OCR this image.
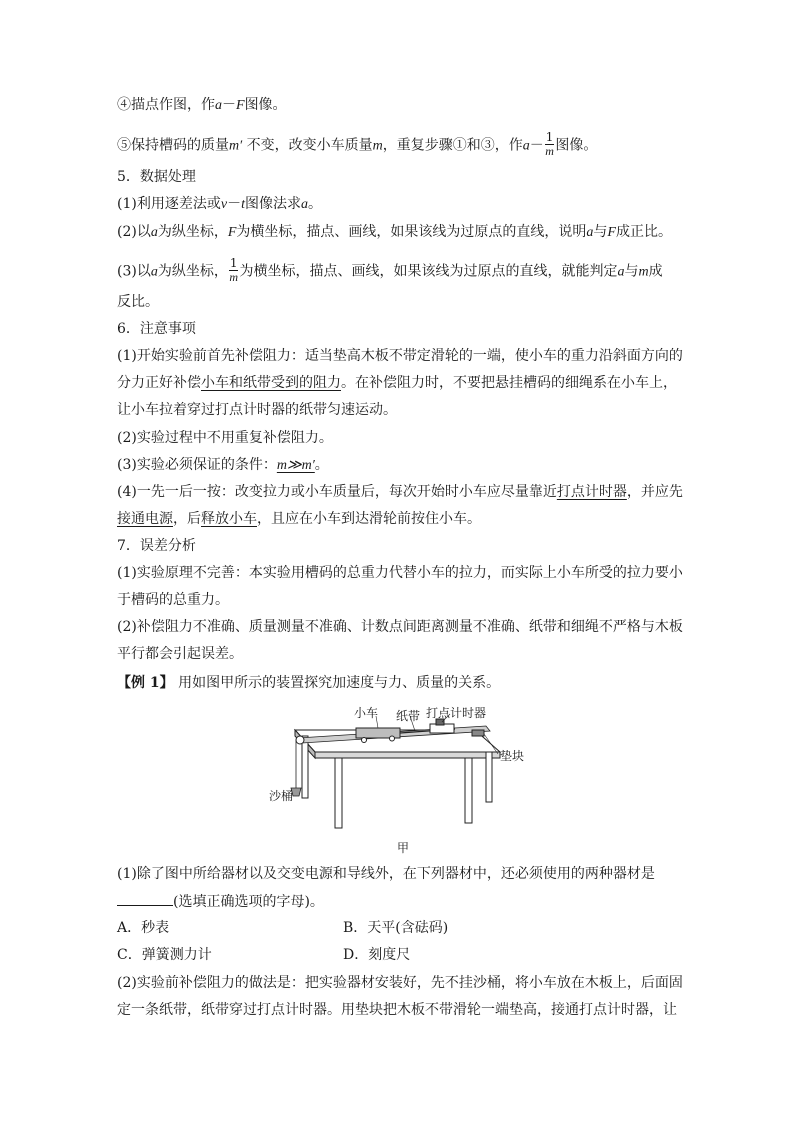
④描点作图，作a－F图像。
⑤保持槽码的质量m′ 不变，改变小车质量m，重复步骤①和③，作$a- \frac{1}{m}$ 图像。
5．数据处理
(1)利用逐差法或v－t图像法求a。
(2)以a为纵坐标，F为横坐标，描点、画线，如果该线为过原点的直线，说明a与F成正比。
(3)以a为纵坐标， $\frac{1}{m}$ 为横坐标，描点、画线，如果该线为过原点的直线，就能判定a与m成
反比。
6．注意事项
(1)开始实验前首先补偿阻力：适当垫高木板不带定滑轮的一端，使小车的重力沿斜面方向的
分力正好补偿小车和纸带受到的阻力。在补偿阻力时，不要把悬挂槽码的细绳系在小车上，
让小车拉着穿过打点计时器的纸带匀速运动。
(2)实验过程中不用重复补偿阻力。
(3)实验必须保证的条件：m≫m′。
(4)一先一后一按：改变拉力或小车质量后，每次开始时小车应尽量靠近打点计时器，并应先
接通电源，后释放小车，且应在小车到达滑轮前按住小车。
7．误差分析
(1)实验原理不完善：本实验用槽码的总重力代替小车的拉力，而实际上小车所受的拉力要小
于槽码的总重力。
(2)补偿阻力不准确、质量测量不准确、计数点间距离测量不准确、纸带和细绳不严格与木板
平行都会引起误差。
【例 1】 用如图甲所示的装置探究加速度与力、质量的关系。
小车 纸带 打点计时器
垫块
沙桶
甲
(1)除了图中所给器材以及交变电源和导线外，在下列器材中，还必须使用的两种器材是
(选填正确选项的字母)。
A．秒表	B．天平(含砝码)
C．弹簧测力计	D．刻度尺
(2)实验前补偿阻力的做法是：把实验器材安装好，先不挂沙桶，将小车放在木板上，后面固
定一条纸带，纸带穿过打点计时器。用垫块把木板不带滑轮一端垫高，接通打点计时器，让
